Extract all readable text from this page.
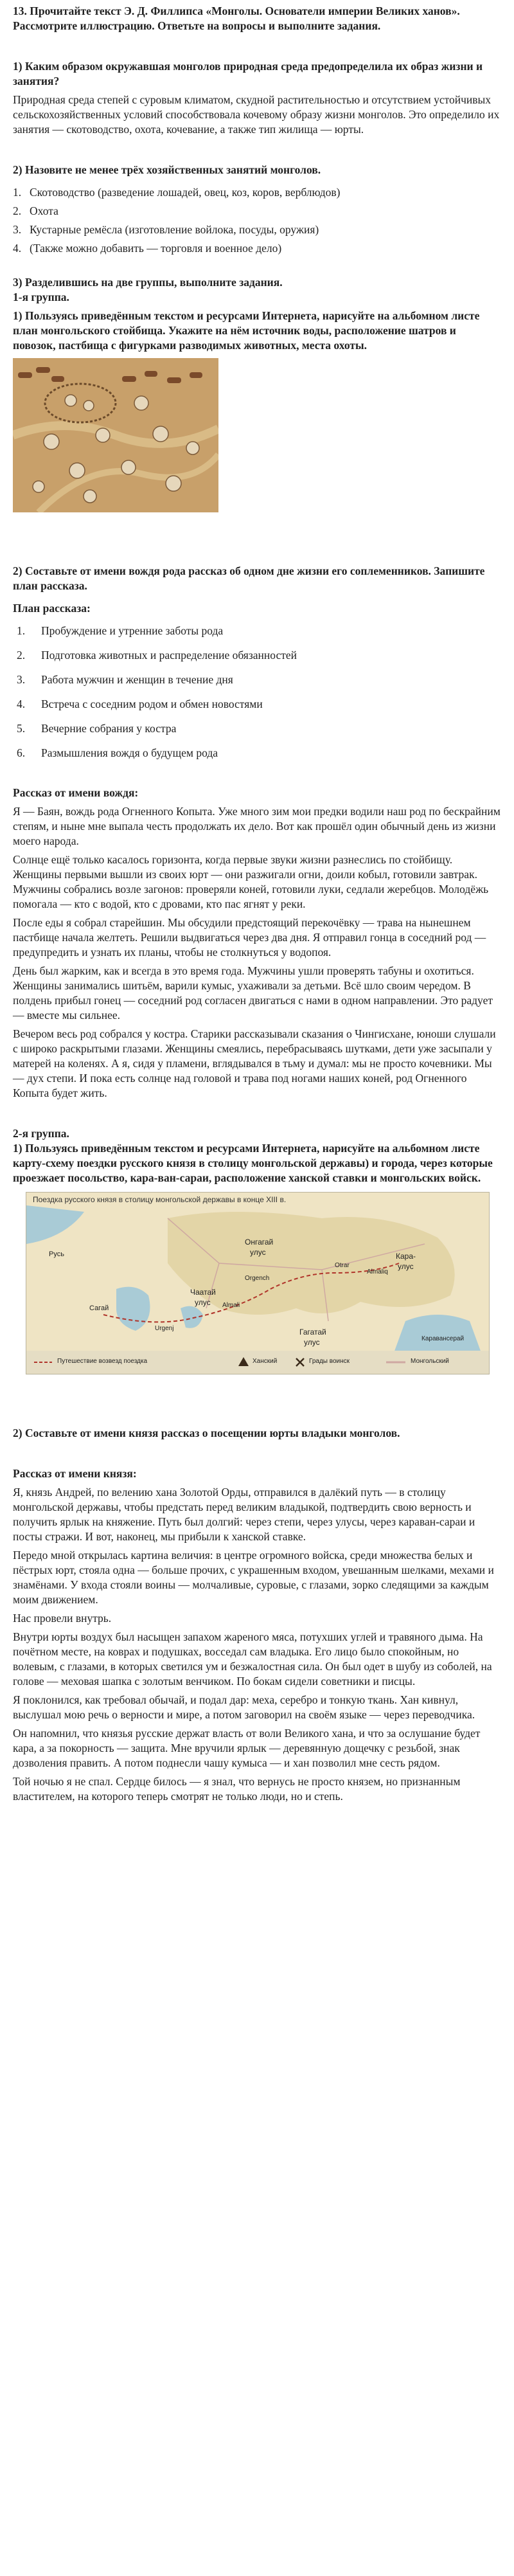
13. Прочитайте текст Э. Д. Филлипса «Монголы. Основатели империи Великих ханов». Рассмотрите иллюстрацию. Ответьте на вопросы и выполните задания.

1) Каким образом окружавшая монголов природная среда предопределила их образ жизни и занятия?

Природная среда степей с суровым климатом, скудной растительностью и отсутствием устойчивых сельскохозяйственных условий способствовала кочевому образу жизни монголов. Это определило их занятия — скотоводство, охота, кочевание, а также тип жилища — юрты.

2) Назовите не менее трёх хозяйственных занятий монголов.

1. Скотоводство (разведение лошадей, овец, коз, коров, верблюдов)
2. Охота
3. Кустарные ремёсла (изготовление войлока, посуды, оружия)
4. (Также можно добавить — торговля и военное дело)

3) Разделившись на две группы, выполните задания.

1-я группа.

1) Пользуясь приведённым текстом и ресурсами Интернета, нарисуйте на альбомном листе план монгольского стойбища. Укажите на нём источник воды, расположение шатров и повозок, пастбища с фигурками разводимых животных, места охоты.

2) Составьте от имени вождя рода рассказ об одном дне жизни его соплеменников. Запишите план рассказа.

План рассказа:

1.	Пробуждение и утренние заботы рода
2.	Подготовка животных и распределение обязанностей
3.	Работа мужчин и женщин в течение дня
4.	Встреча с соседним родом и обмен новостями
5.	Вечерние собрания у костра
6.	Размышления вождя о будущем рода

Рассказ от имени вождя:

Я — Баян, вождь рода Огненного Копыта. Уже много зим мои предки водили наш род по бескрайним степям, и ныне мне выпала честь продолжать их дело. Вот как прошёл один обычный день из жизни моего народа.

Солнце ещё только касалось горизонта, когда первые звуки жизни разнеслись по стойбищу. Женщины первыми вышли из своих юрт — они разжигали огни, доили кобыл, готовили завтрак. Мужчины собрались возле загонов: проверяли коней, готовили луки, седлали жеребцов. Молодёжь помогала — кто с водой, кто с дровами, кто пас ягнят у реки.

После еды я собрал старейшин. Мы обсудили предстоящий перекочёвку — трава на нынешнем пастбище начала желтеть. Решили выдвигаться через два дня. Я отправил гонца в соседний род — предупредить и узнать их планы, чтобы не столкнуться у водопоя.

День был жарким, как и всегда в это время года. Мужчины ушли проверять табуны и охотиться. Женщины занимались шитьём, варили кумыс, ухаживали за детьми. Всё шло своим чередом. В полдень прибыл гонец — соседний род согласен двигаться с нами в одном направлении. Это радует — вместе мы сильнее.

Вечером весь род собрался у костра. Старики рассказывали сказания о Чингисхане, юноши слушали с широко раскрытыми глазами. Женщины смеялись, перебрасываясь шутками, дети уже засыпали у матерей на коленях. А я, сидя у пламени, вглядывался в тьму и думал: мы не просто кочевники. Мы — дух степи. И пока есть солнце над головой и трава под ногами наших коней, род Огненного Копыта будет жить.

2-я группа.

1) Пользуясь приведённым текстом и ресурсами Интернета, нарисуйте на альбомном листе карту-схему поездки русского князя в столицу монгольской державы) и города, через которые проезжает посольство, кара-ван-сараи, расположение ханской ставки и монгольских войск.

Поездка русского князя в столицу монгольской державы в конце XIII в.
Русь
Онгагай
улус	Кара-
улус
Чаатай
улус
Гагатай
улус
Otrar
Almaliq
Orgench
Almali
Urgenj
Сагай
Каравансерай
Путешествие возвезд поездка	Ханский	Грады воинск	Монгольский

2) Составьте от имени князя рассказ о посещении юрты владыки монголов.

Рассказ от имени князя:

Я, князь Андрей, по велению хана Золотой Орды, отправился в далёкий путь — в столицу монгольской державы, чтобы предстать перед великим владыкой, подтвердить свою верность и получить ярлык на княжение. Путь был долгий: через степи, через улусы, через караван-сараи и посты стражи. И вот, наконец, мы прибыли к ханской ставке.

Передо мной открылась картина величия: в центре огромного войска, среди множества белых и пёстрых юрт, стояла одна — больше прочих, с украшенным входом, увешанным шелками, мехами и знамёнами. У входа стояли воины — молчаливые, суровые, с глазами, зорко следящими за каждым моим движением.

Нас провели внутрь.

Внутри юрты воздух был насыщен запахом жареного мяса, потухших углей и травяного дыма. На почётном месте, на коврах и подушках, восседал сам владыка. Его лицо было спокойным, но волевым, с глазами, в которых светился ум и безжалостная сила. Он был одет в шубу из соболей, на голове — меховая шапка с золотым венчиком. По бокам сидели советники и писцы.

Я поклонился, как требовал обычай, и подал дар: меха, серебро и тонкую ткань. Хан кивнул, выслушал мою речь о верности и мире, а потом заговорил на своём языке — через переводчика.

Он напомнил, что князья русские держат власть от воли Великого хана, и что за ослушание будет кара, а за покорность — защита. Мне вручили ярлык — деревянную дощечку с резьбой, знак дозволения править. А потом поднесли чашу кумыса — и хан позволил мне сесть рядом.

Той ночью я не спал. Сердце билось — я знал, что вернусь не просто князем, но признанным властителем, на которого теперь смотрят не только люди, но и степь.
